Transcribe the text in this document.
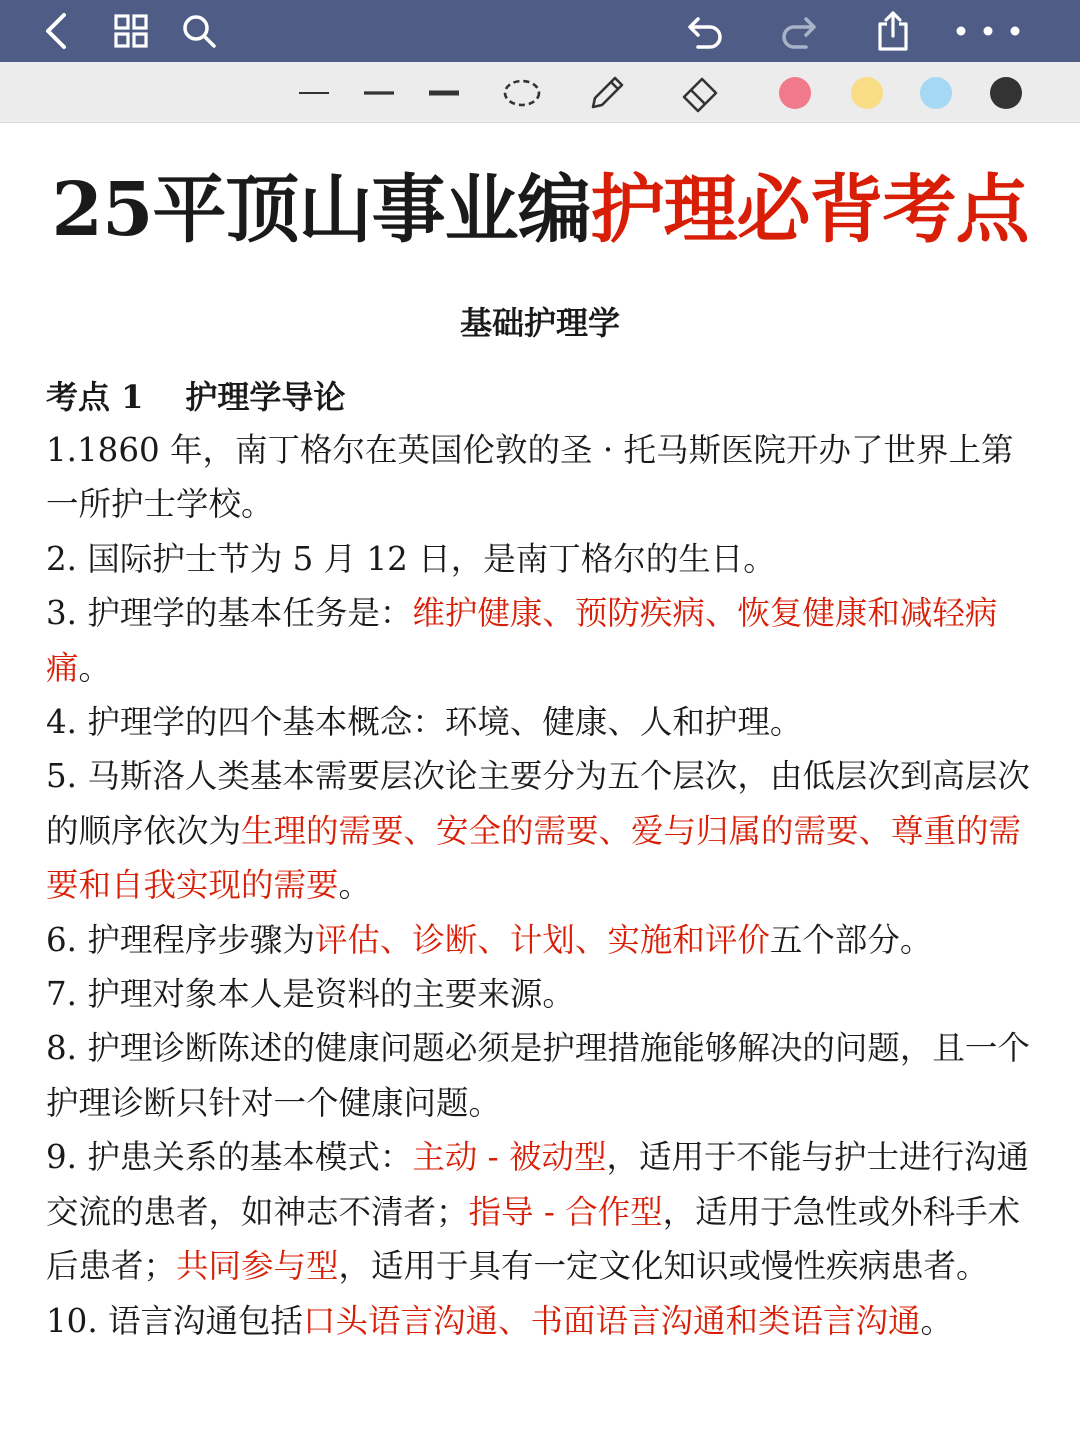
25平顶山事业编护理必背考点
基础护理学
考点 1 护理学导论

1.1860 年，南丁格尔在英国伦敦的圣 · 托马斯医院开办了世界上第一所护士学校。

2. 国际护士节为 5 月 12 日，是南丁格尔的生日。

3. 护理学的基本任务是：维护健康、预防疾病、恢复健康和减轻病痛。

4. 护理学的四个基本概念：环境、健康、人和护理。

5. 马斯洛人类基本需要层次论主要分为五个层次，由低层次到高层次的顺序依次为生理的需要、安全的需要、爱与归属的需要、尊重的需要和自我实现的需要。

6. 护理程序步骤为评估、诊断、计划、实施和评价五个部分。

7. 护理对象本人是资料的主要来源。

8. 护理诊断陈述的健康问题必须是护理措施能够解决的问题，且一个护理诊断只针对一个健康问题。

9. 护患关系的基本模式：主动 - 被动型，适用于不能与护士进行沟通交流的患者，如神志不清者；指导 - 合作型，适用于急性或外科手术后患者；共同参与型，适用于具有一定文化知识或慢性疾病患者。

10. 语言沟通包括口头语言沟通、书面语言沟通和类语言沟通。
